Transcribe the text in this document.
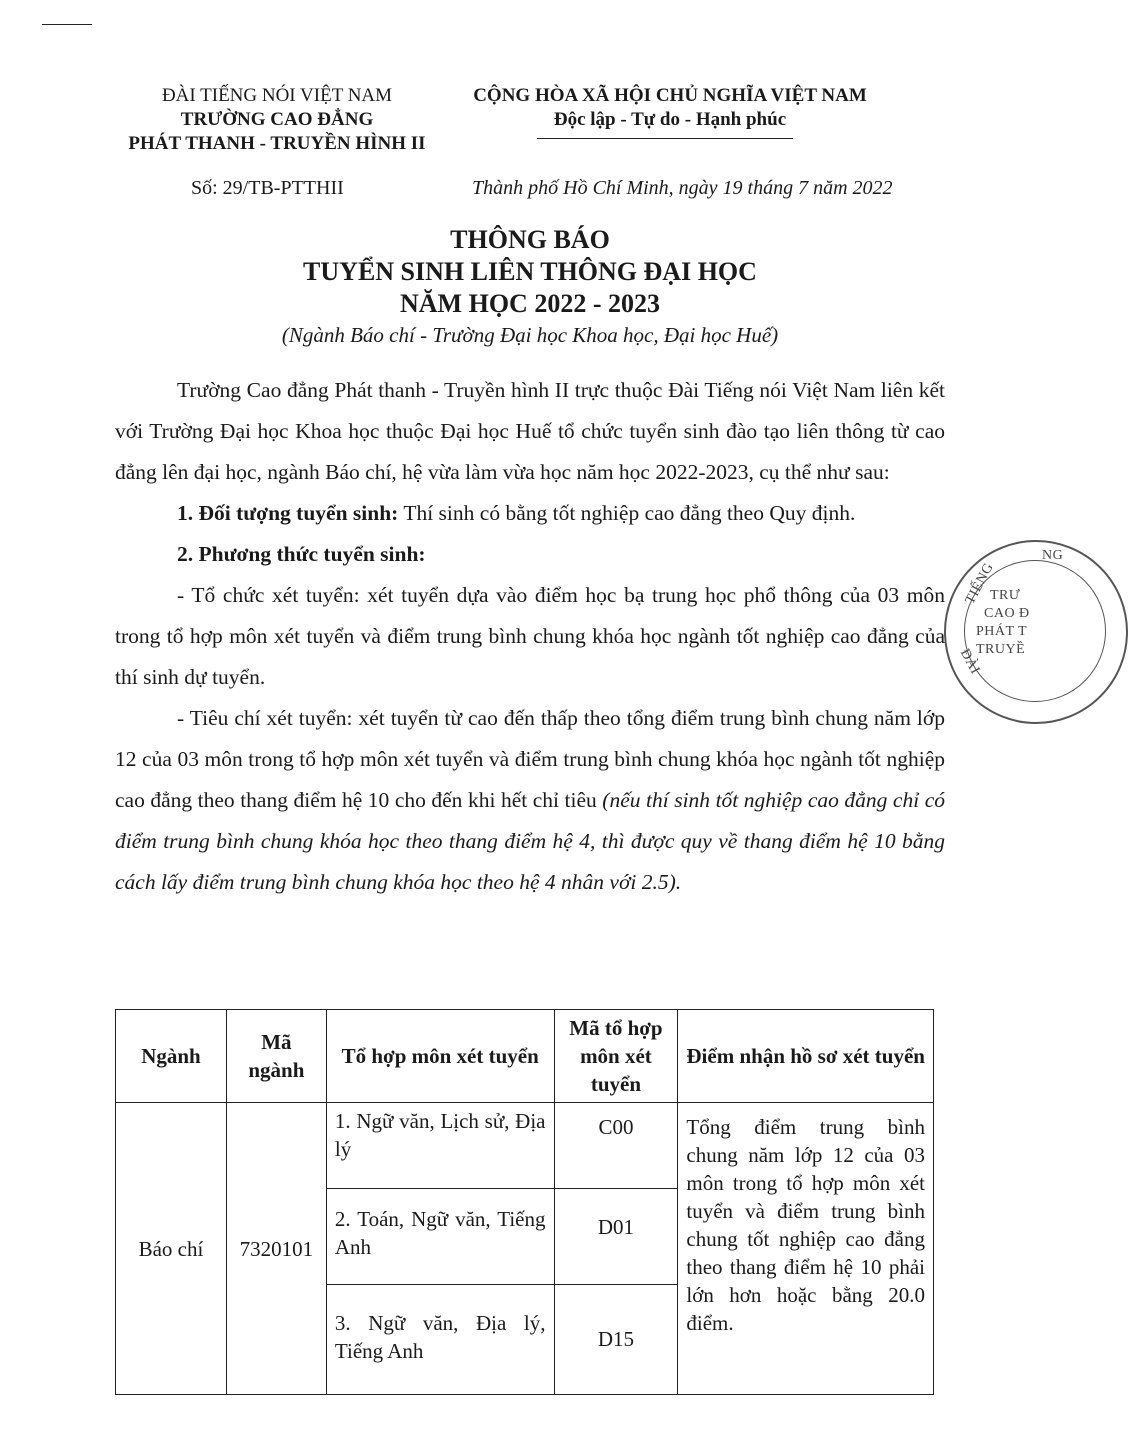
ĐÀI TIẾNG NÓI VIỆT NAM
TRƯỜNG CAO ĐẲNG
PHÁT THANH - TRUYỀN HÌNH II
CỘNG HÒA XÃ HỘI CHỦ NGHĨA VIỆT NAM
Độc lập - Tự do - Hạnh phúc
Số: 29/TB-PTTHII	Thành phố Hồ Chí Minh, ngày 19 tháng 7 năm 2022
THÔNG BÁO
TUYỂN SINH LIÊN THÔNG ĐẠI HỌC
NĂM HỌC 2022 - 2023
(Ngành Báo chí - Trường Đại học Khoa học, Đại học Huế)

Trường Cao đẳng Phát thanh - Truyền hình II trực thuộc Đài Tiếng nói Việt Nam liên kết với Trường Đại học Khoa học thuộc Đại học Huế tổ chức tuyển sinh đào tạo liên thông từ cao đẳng lên đại học, ngành Báo chí, hệ vừa làm vừa học năm học 2022-2023, cụ thể như sau:

1. Đối tượng tuyển sinh: Thí sinh có bằng tốt nghiệp cao đẳng theo Quy định.

2. Phương thức tuyển sinh:

- Tổ chức xét tuyển: xét tuyển dựa vào điểm học bạ trung học phổ thông của 03 môn trong tổ hợp môn xét tuyển và điểm trung bình chung khóa học ngành tốt nghiệp cao đẳng của thí sinh dự tuyển.

- Tiêu chí xét tuyển: xét tuyển từ cao đến thấp theo tổng điểm trung bình chung năm lớp 12 của 03 môn trong tổ hợp môn xét tuyển và điểm trung bình chung khóa học ngành tốt nghiệp cao đẳng theo thang điểm hệ 10 cho đến khi hết chỉ tiêu (nếu thí sinh tốt nghiệp cao đẳng chỉ có điểm trung bình chung khóa học theo thang điểm hệ 4, thì được quy về thang điểm hệ 10 bằng cách lấy điểm trung bình chung khóa học theo hệ 4 nhân với 2.5).

NG
TIẾNG
ĐÀI
TRƯ
CAO Đ
PHÁT T
TRUYỀ
Ngành	Mã ngành	Tổ hợp môn xét tuyển	Mã tổ hợp môn xét tuyển	Điểm nhận hồ sơ xét tuyển
Báo chí	7320101	1. Ngữ văn, Lịch sử, Địa lý	C00	Tổng điểm trung bình chung năm lớp 12 của 03 môn trong tổ hợp môn xét tuyển và điểm trung bình chung tốt nghiệp cao đẳng theo thang điểm hệ 10 phải lớn hơn hoặc bằng 20.0 điểm.
		2. Toán, Ngữ văn, Tiếng Anh	D01	
		3. Ngữ văn, Địa lý, Tiếng Anh	D15	
